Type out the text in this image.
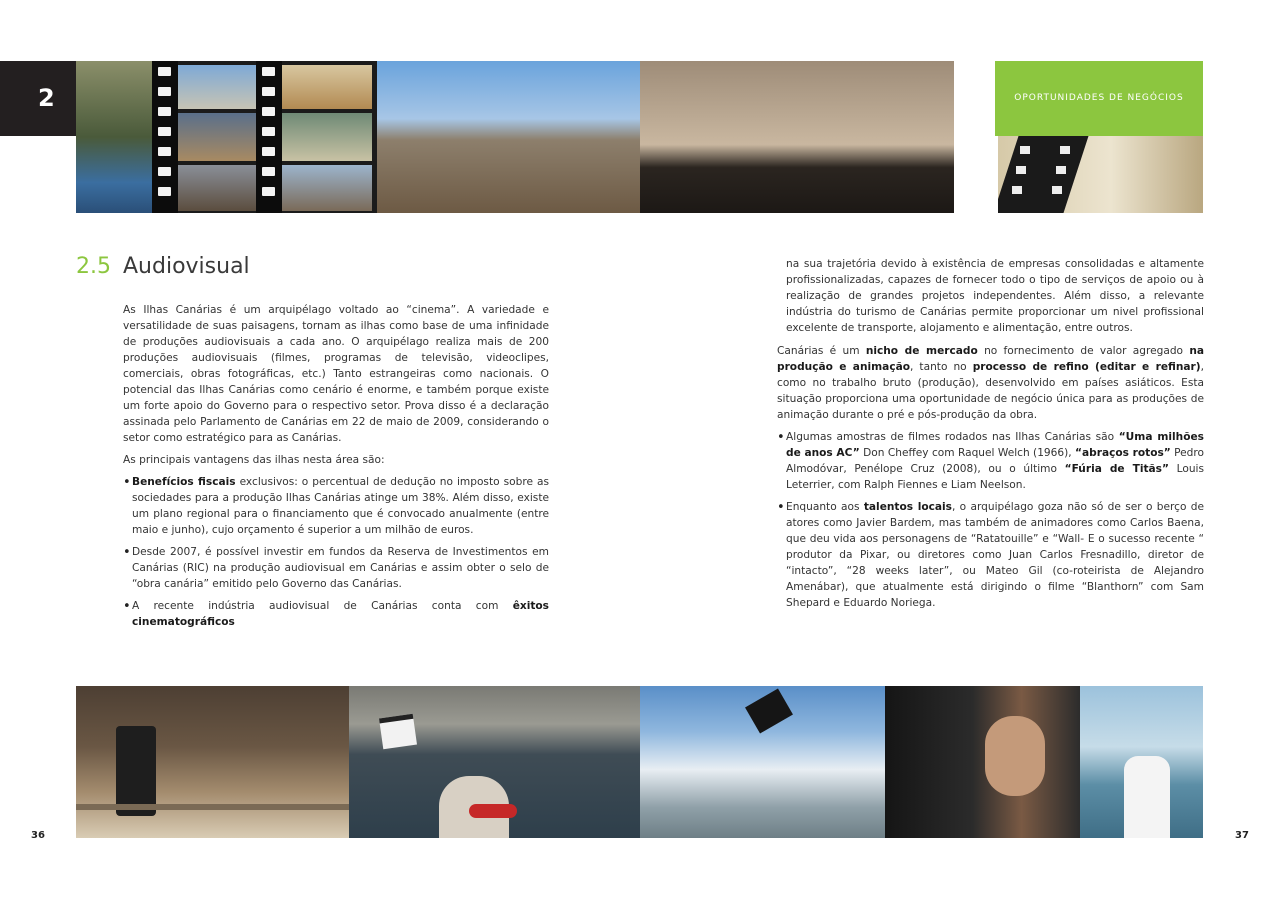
2	OPORTUNIDADES DE NEGÓCIOS
2.5 Audiovisual

As Ilhas Canárias é um arquipélago voltado ao “cinema”. A variedade e versatilidade de suas paisagens, tornam as ilhas como base de uma infinidade de produções audiovisuais a cada ano. O arquipélago realiza mais de 200 produções audiovisuais (filmes, programas de televisão, videoclipes, comerciais, obras fotográficas, etc.) Tanto estrangeiras como nacionais. O potencial das Ilhas Canárias como cenário é enorme, e também porque existe um forte apoio do Governo para o respectivo setor. Prova disso é a declaração assinada pelo Parlamento de Canárias em 22 de maio de 2009, considerando o setor como estratégico para as Canárias.

As principais vantagens das ilhas nesta área são:

• Benefícios fiscais exclusivos: o percentual de dedução no imposto sobre as sociedades para a produção Ilhas Canárias atinge um 38%. Além disso, existe um plano regional para o financiamento que é convocado anualmente (entre maio e junho), cujo orçamento é superior a um milhão de euros.
• Desde 2007, é possível investir em fundos da Reserva de Investimentos em Canárias (RIC) na produção audiovisual em Canárias e assim obter o selo de “obra canária” emitido pelo Governo das Canárias.
• A recente indústria audiovisual de Canárias conta com êxitos cinematográficos

na sua trajetória devido à existência de empresas consolidadas e altamente profissionalizadas, capazes de fornecer todo o tipo de serviços de apoio ou à realização de grandes projetos independentes. Além disso, a relevante indústria do turismo de Canárias permite proporcionar um nivel profissional excelente de transporte, alojamento e alimentação, entre outros.

Canárias é um nicho de mercado no fornecimento de valor agregado na produção e animação, tanto no processo de refino (editar e refinar), como no trabalho bruto (produção), desenvolvido em países asiáticos. Esta situação proporciona uma oportunidade de negócio única para as produções de animação durante o pré e pós-produção da obra.

• Algumas amostras de filmes rodados nas Ilhas Canárias são “Uma milhões de anos AC” Don Cheffey com Raquel Welch (1966), “abraços rotos” Pedro Almodóvar, Penélope Cruz (2008), ou o último “Fúria de Titãs” Louis Leterrier, com Ralph Fiennes e Liam Neelson.
• Enquanto aos talentos locais, o arquipélago goza não só de ser o berço de atores como Javier Bardem, mas também de animadores como Carlos Baena, que deu vida aos personagens de “Ratatouille” e “Wall- E o sucesso recente “ produtor da Pixar, ou diretores como Juan Carlos Fresnadillo, diretor de “intacto”, “28 weeks later”, ou Mateo Gil (co-roteirista de Alejandro Amenábar), que atualmente está dirigindo o filme “Blanthorn” com Sam Shepard e Eduardo Noriega.
36	37
